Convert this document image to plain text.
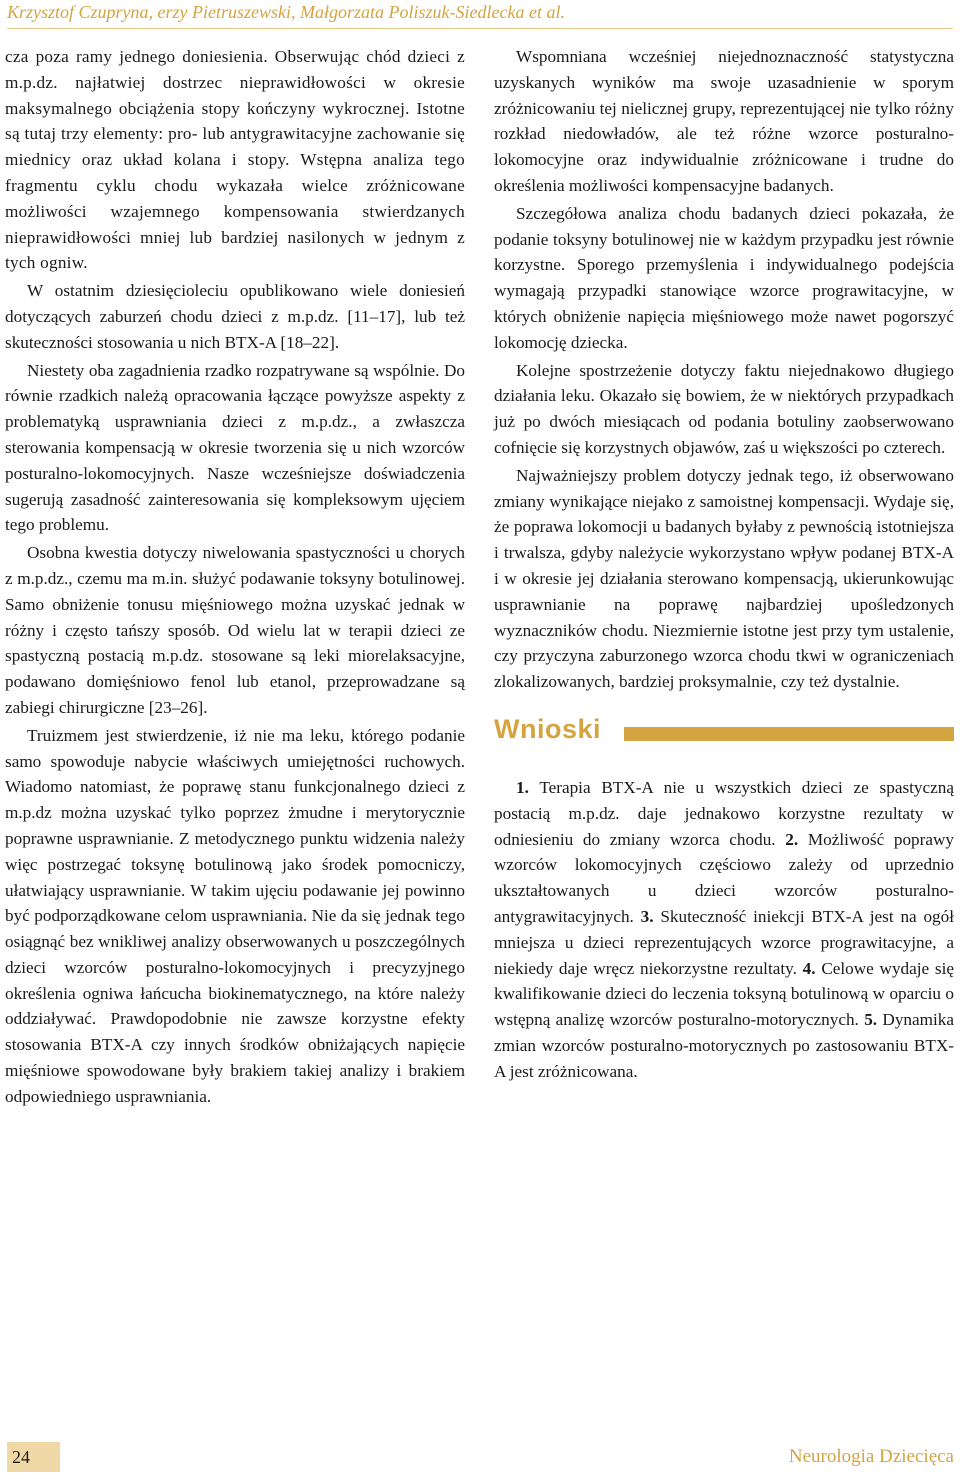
Krzysztof Czupryna, erzy Pietruszewski, Małgorzata Poliszuk-Siedlecka et al.

cza poza ramy jednego doniesienia. Obserwując chód dzieci z m.p.dz. najłatwiej dostrzec nieprawidłowości w okresie maksymalnego obciążenia stopy kończyny wykrocznej. Istotne są tutaj trzy elementy: pro- lub antygrawitacyjne zachowanie się miednicy oraz układ kolana i stopy. Wstępna analiza tego fragmentu cyklu chodu wykazała wielce zróżnicowane możliwości wzajemnego kompensowania stwierdzanych nieprawidłowości mniej lub bardziej nasilonych w jednym z tych ogniw.

W ostatnim dziesięcioleciu opublikowano wiele doniesień dotyczących zaburzeń chodu dzieci z m.p.dz. [11–17], lub też skuteczności stosowania u nich BTX-A [18–22].

Niestety oba zagadnienia rzadko rozpatrywane są wspólnie. Do równie rzadkich należą opracowania łączące powyższe aspekty z problematyką usprawniania dzieci z m.p.dz., a zwłaszcza sterowania kompensacją w okresie tworzenia się u nich wzorców posturalno-lokomocyjnych. Nasze wcześniejsze doświadczenia sugerują zasadność zainteresowania się kompleksowym ujęciem tego problemu.

Osobna kwestia dotyczy niwelowania spastyczności u chorych z m.p.dz., czemu ma m.in. służyć podawanie toksyny botulinowej. Samo obniżenie tonusu mięśniowego można uzyskać jednak w różny i często tańszy sposób. Od wielu lat w terapii dzieci ze spastyczną postacią m.p.dz. stosowane są leki miorelaksacyjne, podawano domięśniowo fenol lub etanol, przeprowadzane są zabiegi chirurgiczne [23–26].

Truizmem jest stwierdzenie, iż nie ma leku, którego podanie samo spowoduje nabycie właściwych umiejętności ruchowych. Wiadomo natomiast, że poprawę stanu funkcjonalnego dzieci z m.p.dz można uzyskać tylko poprzez żmudne i merytorycznie poprawne usprawnianie. Z metodycznego punktu widzenia należy więc postrzegać toksynę botulinową jako środek pomocniczy, ułatwiający usprawnianie. W takim ujęciu podawanie jej powinno być podporządkowane celom usprawniania. Nie da się jednak tego osiągnąć bez wnikliwej analizy obserwowanych u poszczególnych dzieci wzorców posturalno-lokomocyjnych i precyzyjnego określenia ogniwa łańcucha biokinematycznego, na które należy oddziaływać. Prawdopodobnie nie zawsze korzystne efekty stosowania BTX-A czy innych środków obniżających napięcie mięśniowe spowodowane były brakiem takiej analizy i brakiem odpowiedniego usprawniania.

Wspomniana wcześniej niejednoznaczność statystyczna uzyskanych wyników ma swoje uzasadnienie w sporym zróżnicowaniu tej nielicznej grupy, reprezentującej nie tylko różny rozkład niedowładów, ale też różne wzorce posturalno-lokomocyjne oraz indywidualnie zróżnicowane i trudne do określenia możliwości kompensacyjne badanych.

Szczegółowa analiza chodu badanych dzieci pokazała, że podanie toksyny botulinowej nie w każdym przypadku jest równie korzystne. Sporego przemyślenia i indywidualnego podejścia wymagają przypadki stanowiące wzorce prograwitacyjne, w których obniżenie napięcia mięśniowego może nawet pogorszyć lokomocję dziecka.

Kolejne spostrzeżenie dotyczy faktu niejednakowo długiego działania leku. Okazało się bowiem, że w niektórych przypadkach już po dwóch miesiącach od podania botuliny zaobserwowano cofnięcie się korzystnych objawów, zaś u większości po czterech.

Najważniejszy problem dotyczy jednak tego, iż obserwowano zmiany wynikające niejako z samoistnej kompensacji. Wydaje się, że poprawa lokomocji u badanych byłaby z pewnością istotniejsza i trwalsza, gdyby należycie wykorzystano wpływ podanej BTX-A i w okresie jej działania sterowano kompensacją, ukierunkowując usprawnianie na poprawę najbardziej upośledzonych wyznaczników chodu. Niezmiernie istotne jest przy tym ustalenie, czy przyczyna zaburzonego wzorca chodu tkwi w ograniczeniach zlokalizowanych, bardziej proksymalnie, czy też dystalnie.

Wnioski

1. Terapia BTX-A nie u wszystkich dzieci ze spastyczną postacią m.p.dz. daje jednakowo korzystne rezultaty w odniesieniu do zmiany wzorca chodu. 2. Możliwość poprawy wzorców lokomocyjnych częściowo zależy od uprzednio ukształtowanych u dzieci wzorców posturalno-antygrawitacyjnych. 3. Skuteczność iniekcji BTX-A jest na ogół mniejsza u dzieci reprezentujących wzorce prograwitacyjne, a niekiedy daje wręcz niekorzystne rezultaty. 4. Celowe wydaje się kwalifikowanie dzieci do leczenia toksyną botulinową w oparciu o wstępną analizę wzorców posturalno-motorycznych. 5. Dynamika zmian wzorców posturalno-motorycznych po zastosowaniu BTX-A jest zróżnicowana.

24	Neurologia Dziecięca
